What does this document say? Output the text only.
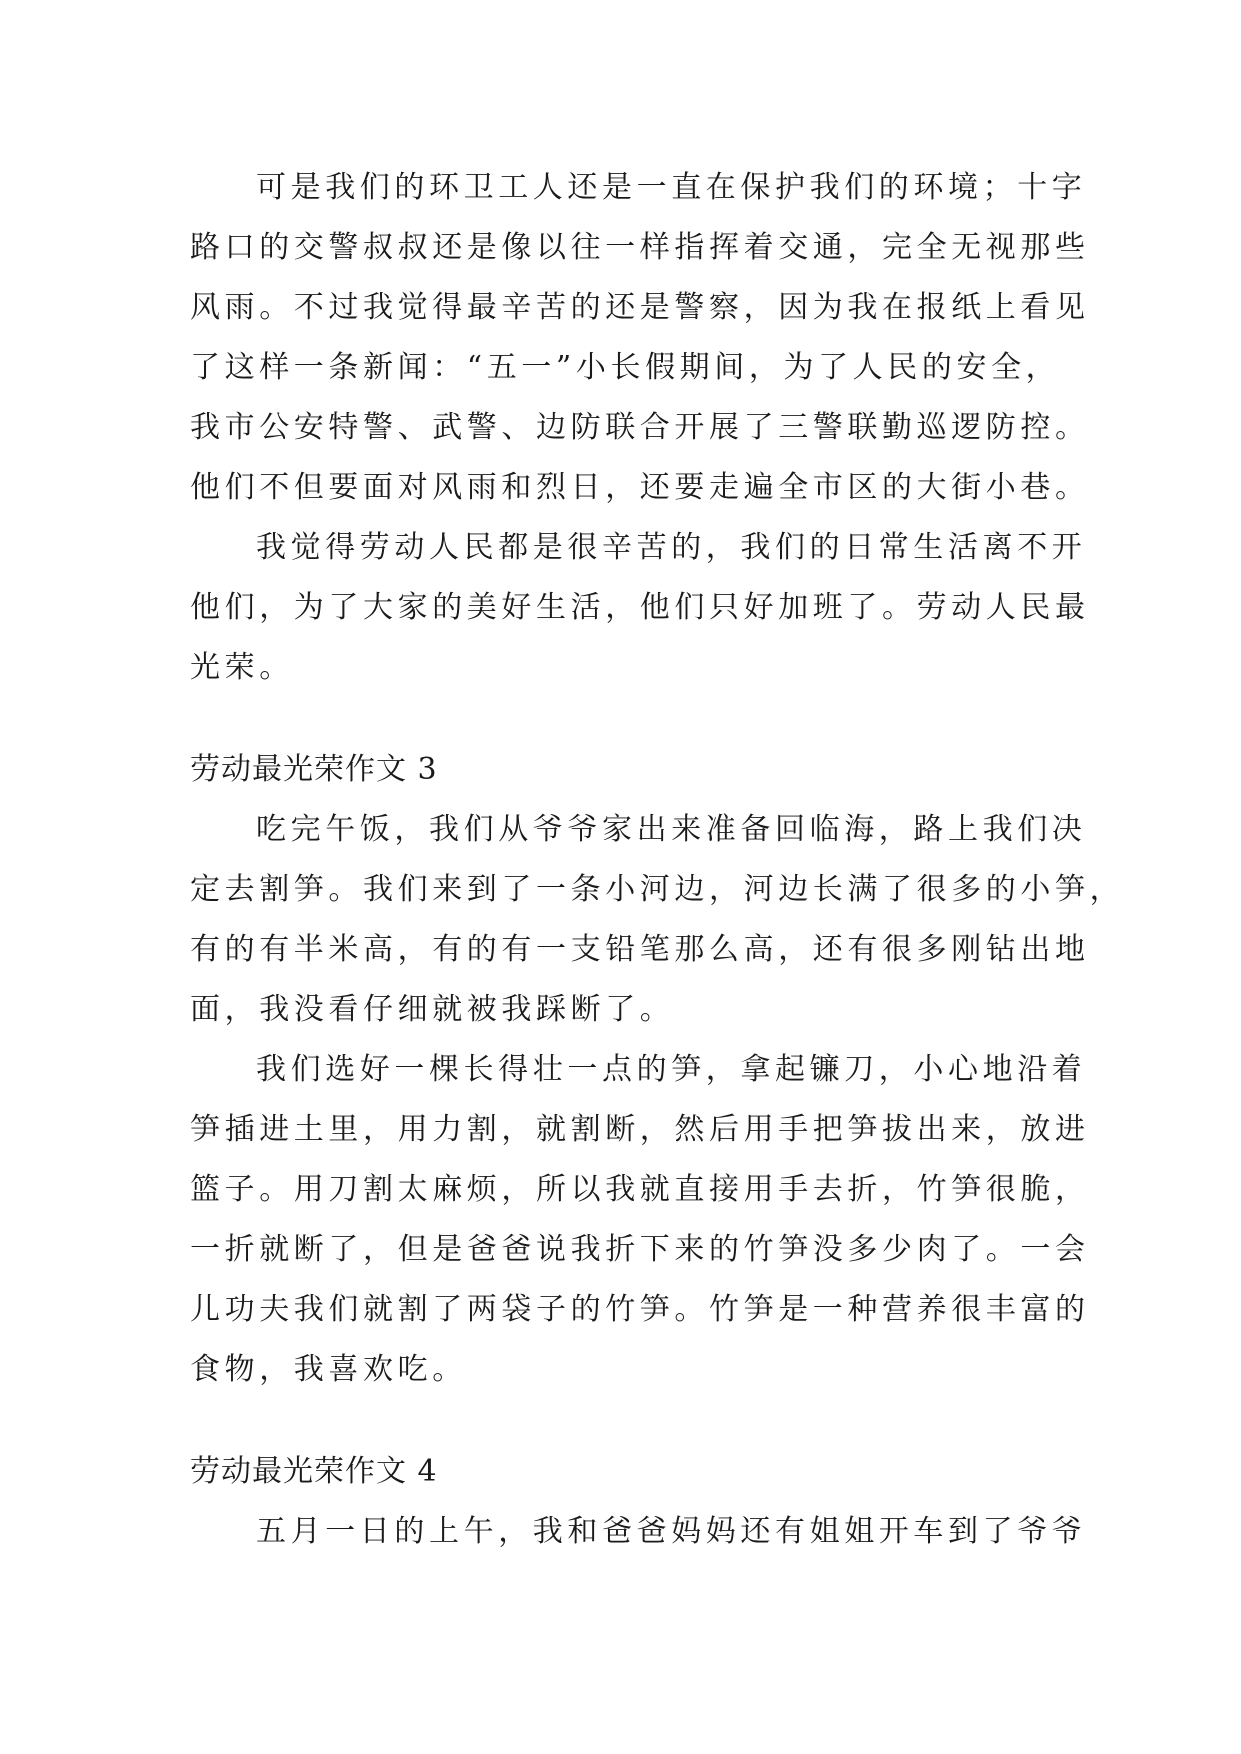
可是我们的环卫工人还是一直在保护我们的环境；十字
路口的交警叔叔还是像以往一样指挥着交通，完全无视那些
风雨。不过我觉得最辛苦的还是警察，因为我在报纸上看见
了这样一条新闻：“五一”小长假期间，为了人民的安全，
我市公安特警、武警、边防联合开展了三警联勤巡逻防控。
他们不但要面对风雨和烈日，还要走遍全市区的大街小巷。
我觉得劳动人民都是很辛苦的，我们的日常生活离不开
他们，为了大家的美好生活，他们只好加班了。劳动人民最
光荣。
劳动最光荣作文 3
吃完午饭，我们从爷爷家出来准备回临海，路上我们决
定去割笋。我们来到了一条小河边，河边长满了很多的小笋，
有的有半米高，有的有一支铅笔那么高，还有很多刚钻出地
面，我没看仔细就被我踩断了。
我们选好一棵长得壮一点的笋，拿起镰刀，小心地沿着
笋插进土里，用力割，就割断，然后用手把笋拔出来，放进
篮子。用刀割太麻烦，所以我就直接用手去折，竹笋很脆，
一折就断了，但是爸爸说我折下来的竹笋没多少肉了。一会
儿功夫我们就割了两袋子的竹笋。竹笋是一种营养很丰富的
食物，我喜欢吃。
劳动最光荣作文 4
五月一日的上午，我和爸爸妈妈还有姐姐开车到了爷爷
